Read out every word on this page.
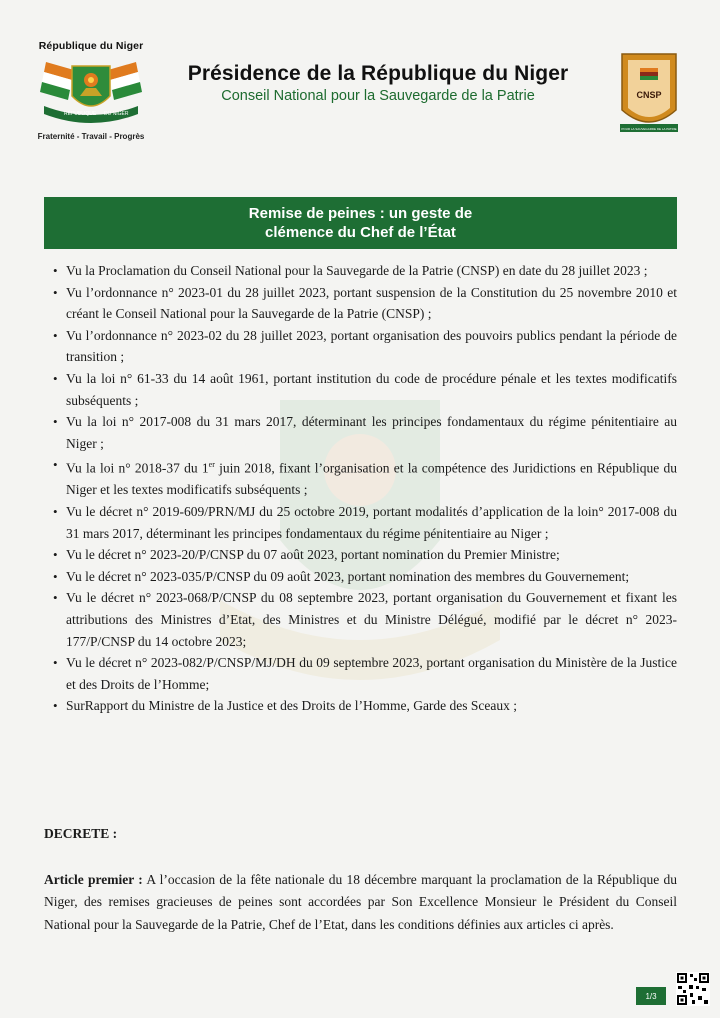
République du Niger
RÉPUBLIQUE DU NIGER
Fraternité - Travail - Progrès
Présidence de la République du Niger
Conseil National pour la Sauvegarde de la Patrie	CNSP
POUR LA SAUVEGARDE DE LA PATRIE
Remise de peines : un geste de
clémence du Chef de l’État
• Vu la Proclamation du Conseil National pour la Sauvegarde de la Patrie (CNSP) en date du 28 juillet 2023 ;
• Vu l’ordonnance n° 2023-01 du 28 juillet 2023, portant suspension de la Constitution du 25 novembre 2010 et créant le Conseil National pour la Sauvegarde de la Patrie (CNSP) ;
• Vu l’ordonnance n° 2023-02 du 28 juillet 2023, portant organisation des pouvoirs publics pendant la période de transition ;
• Vu la loi n° 61-33 du 14 août 1961, portant institution du code de procédure pénale et les textes modificatifs subséquents ;
• Vu la loi n° 2017-008 du 31 mars 2017, déterminant les principes fondamentaux du régime pénitentiaire au Niger ;
• Vu la loi n° 2018-37 du 1er juin 2018, fixant l’organisation et la compétence des Juridictions en République du Niger et les textes modificatifs subséquents ;
• Vu le décret n° 2019-609/PRN/MJ du 25 octobre 2019, portant modalités d’application de la loin° 2017-008 du 31 mars 2017, déterminant les principes fondamentaux du régime pénitentiaire au Niger ;
• Vu le décret n° 2023-20/P/CNSP du 07 août 2023, portant nomination du Premier Ministre;
• Vu le décret n° 2023-035/P/CNSP du 09 août 2023, portant nomination des membres du Gouvernement;
• Vu le décret n° 2023-068/P/CNSP du 08 septembre 2023, portant organisation du Gouvernement et fixant les attributions des Ministres d’Etat, des Ministres et du Ministre Délégué, modifié par le décret n° 2023-177/P/CNSP du 14 octobre 2023;
• Vu le décret n° 2023-082/P/CNSP/MJ/DH du 09 septembre 2023, portant organisation du Ministère de la Justice et des Droits de l’Homme;
• SurRapport du Ministre de la Justice et des Droits de l’Homme, Garde des Sceaux ;
DECRETE :
Article premier : A l’occasion de la fête nationale du 18 décembre marquant la proclamation de la République du Niger, des remises gracieuses de peines sont accordées par Son Excellence Monsieur le Président du Conseil National pour la Sauvegarde de la Patrie, Chef de l’Etat, dans les conditions définies aux articles ci après.
1/3
